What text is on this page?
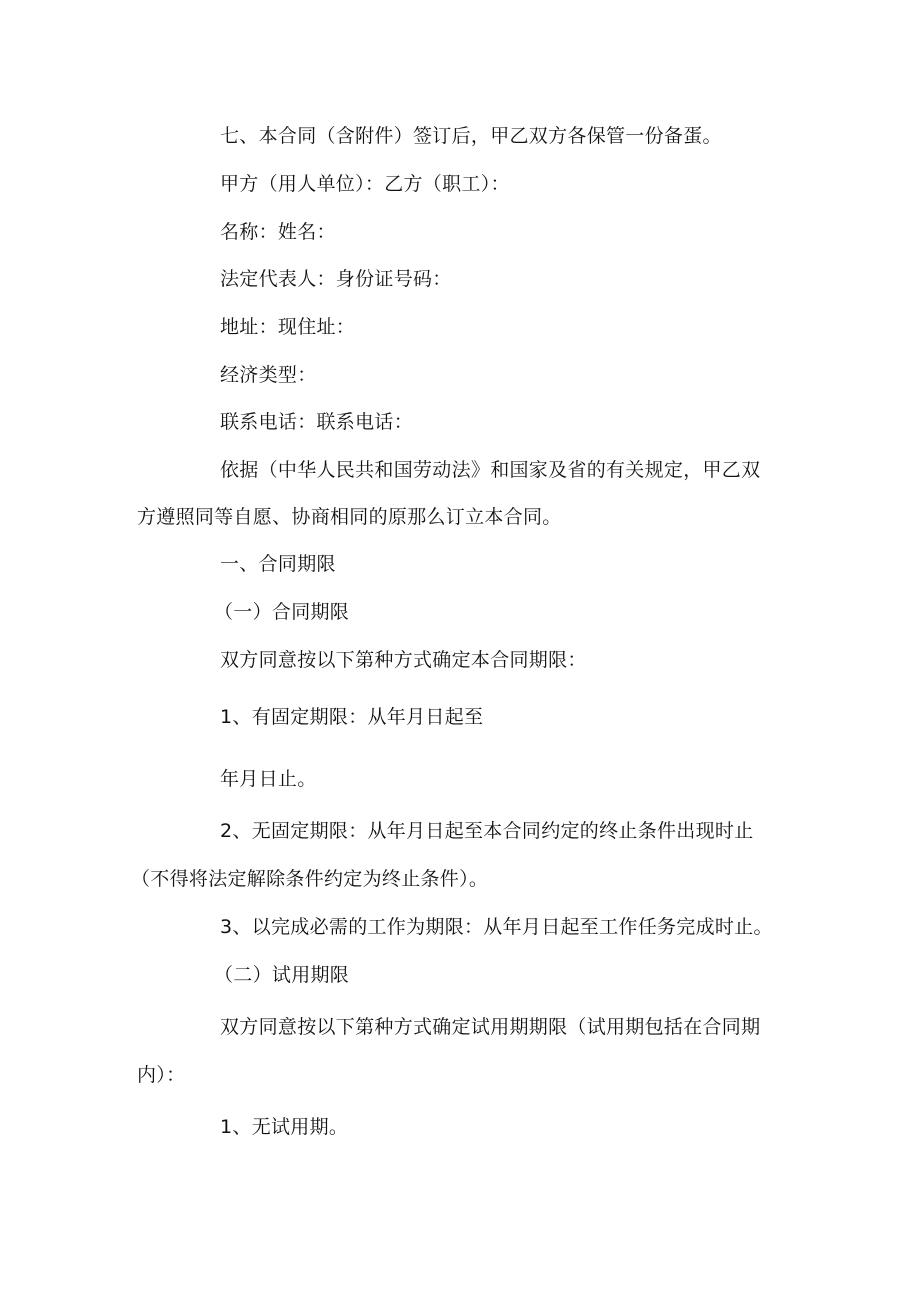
七、本合同（含附件）签订后，甲乙双方各保管一份备蛋。
甲方（用人单位）：乙方（职工）：
名称：姓名：
法定代表人：身份证号码：
地址：现住址：
经济类型：
联系电话：联系电话：
依据（中华人民共和国劳动法》和国家及省的有关规定，甲乙双
方遵照同等自愿、协商相同的原那么订立本合同。
一、合同期限
（一）合同期限
双方同意按以下第种方式确定本合同期限：
1、有固定期限：从年月日起至
年月日止。
2、无固定期限：从年月日起至本合同约定的终止条件出现时止
（不得将法定解除条件约定为终止条件）。
3、以完成必需的工作为期限：从年月日起至工作任务完成时止。
（二）试用期限
双方同意按以下第种方式确定试用期期限（试用期包括在合同期
内）：
1、无试用期。
